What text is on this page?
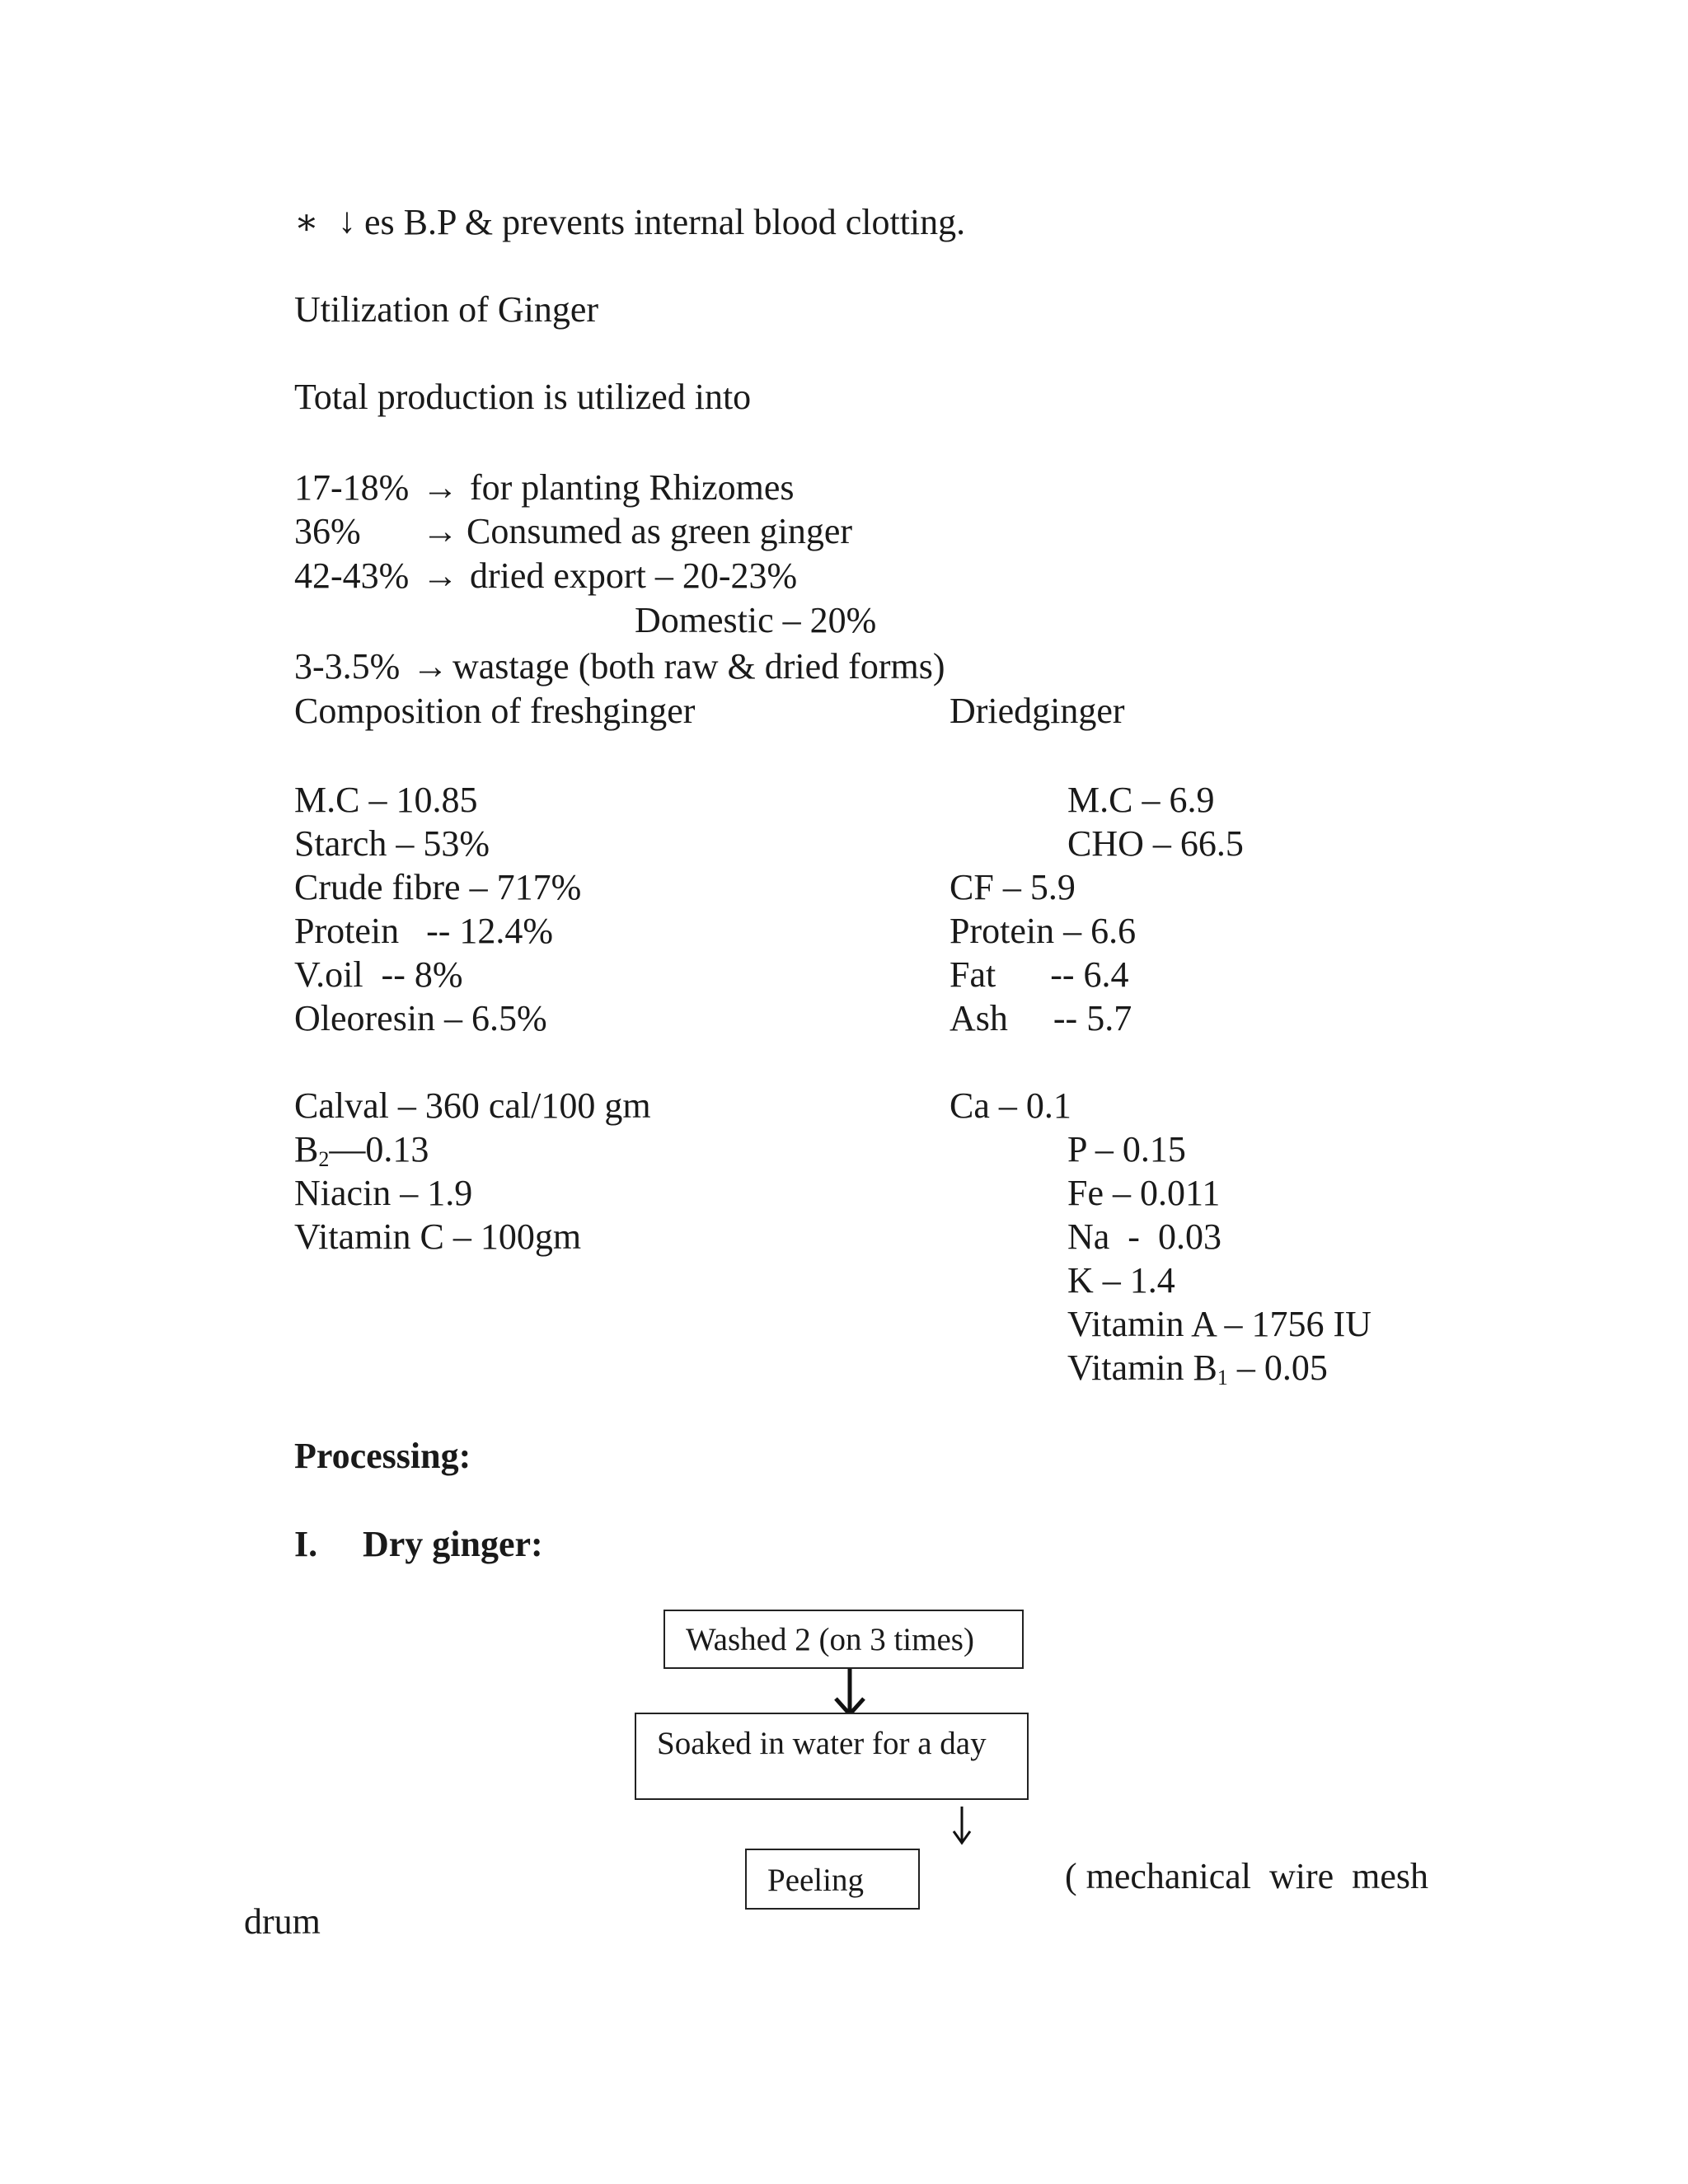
∗ ↓ es B.P & prevents internal blood clotting.
Utilization of Ginger
Total production is utilized into
17-18% → for planting Rhizomes
36% → Consumed as green ginger
42-43% → dried export – 20-23%
Domestic – 20%
3-3.5% → wastage (both raw & dried forms)
Composition of freshginger	Driedginger
M.C – 10.85
Starch – 53%
Crude fibre – 717%
Protein   -- 12.4%
V.oil  -- 8%
Oleoresin – 6.5%
M.C – 6.9
CHO – 66.5
CF – 5.9
Protein – 6.6
Fat      -- 6.4
Ash     -- 5.7
Calval – 360 cal/100 gm
$B_2—0.13$
Niacin – 1.9
Vitamin C – 100gm
Ca – 0.1
P – 0.15
Fe – 0.011
Na  -  0.03
K – 1.4
Vitamin A – 1756 IU
Vitamin $B_1 - 0.05$
Processing:
I. Dry ginger:
Washed 2 (on 3 times)
Soaked in water for a day
Peeling	( mechanical  wire  mesh
drum
